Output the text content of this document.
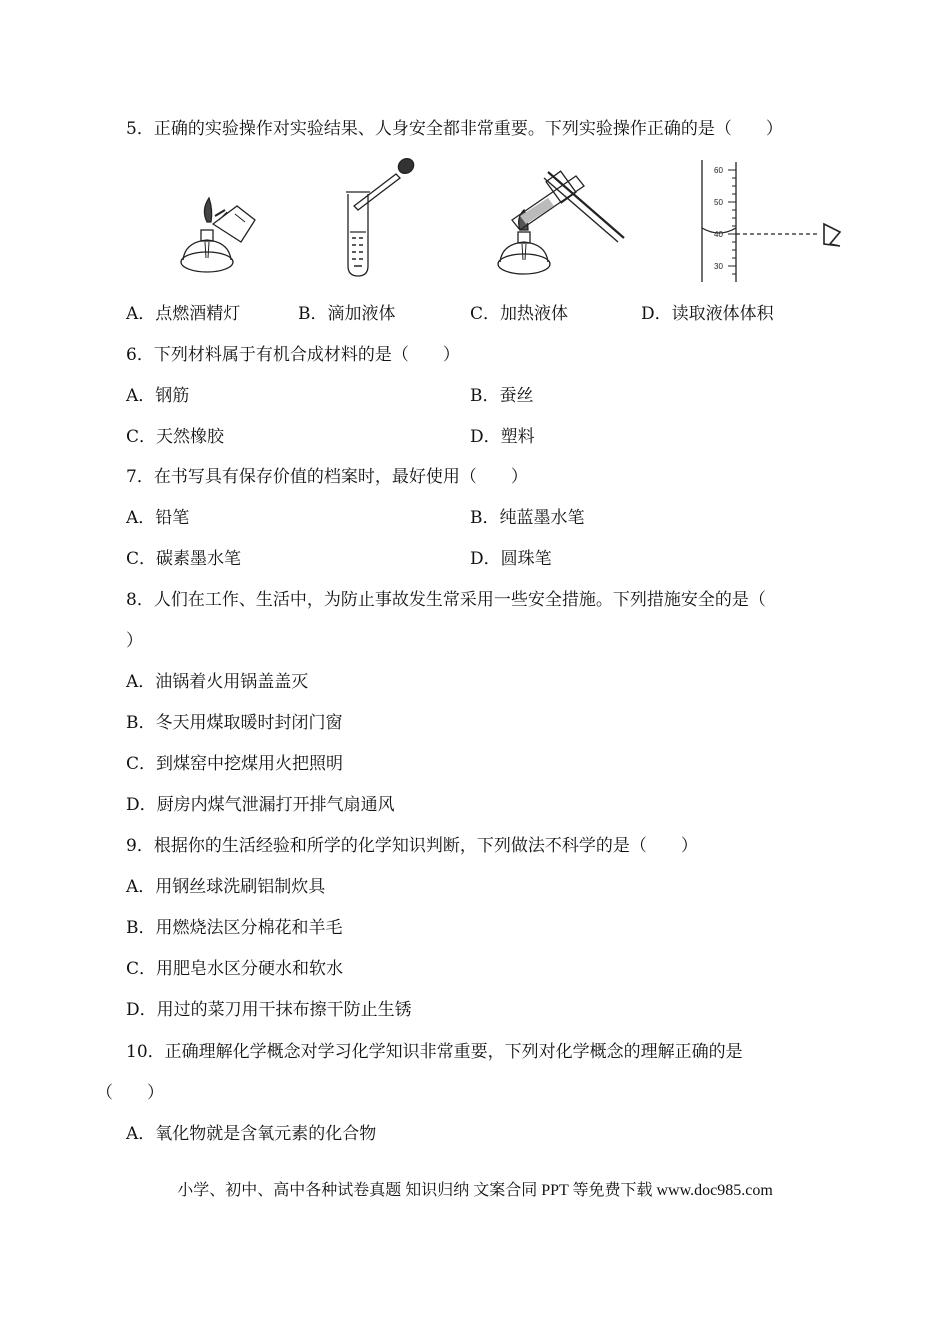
5．正确的实验操作对实验结果、人身安全都非常重要。下列实验操作正确的是（　　）
60
50
40
30
A．点燃酒精灯	B．滴加液体	C．加热液体	D．读取液体体积
6．下列材料属于有机合成材料的是（　　）
A．钢筋	B．蚕丝
C．天然橡胶	D．塑料
7．在书写具有保存价值的档案时，最好使用（　　）
A．铅笔	B．纯蓝墨水笔
C．碳素墨水笔	D．圆珠笔
8．人们在工作、生活中，为防止事故发生常采用一些安全措施。下列措施安全的是（
）
A．油锅着火用锅盖盖灭
B．冬天用煤取暖时封闭门窗
C．到煤窑中挖煤用火把照明
D．厨房内煤气泄漏打开排气扇通风
9．根据你的生活经验和所学的化学知识判断，下列做法不科学的是（　　）
A．用钢丝球洗刷铝制炊具
B．用燃烧法区分棉花和羊毛
C．用肥皂水区分硬水和软水
D．用过的菜刀用干抹布擦干防止生锈
10．正确理解化学概念对学习化学知识非常重要，下列对化学概念的理解正确的是
（　　）
A．氧化物就是含氧元素的化合物
小学、初中、高中各种试卷真题 知识归纳 文案合同 PPT 等免费下载 www.doc985.com
